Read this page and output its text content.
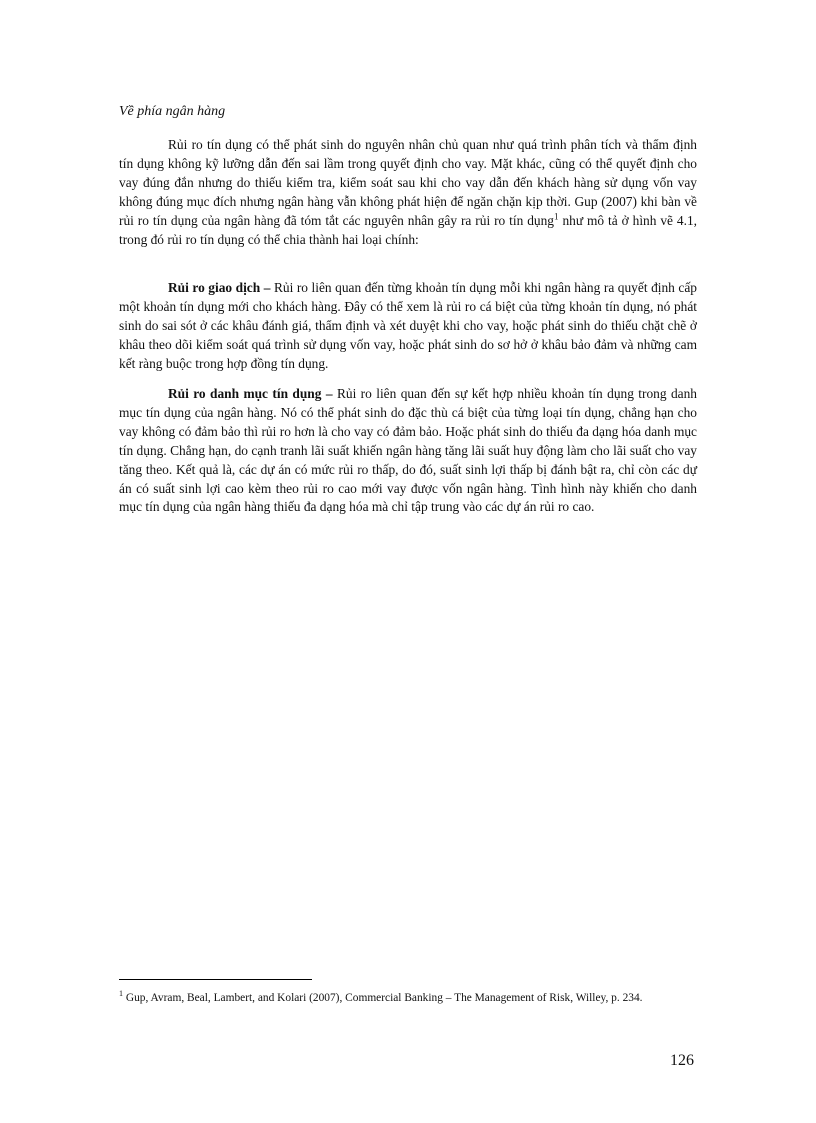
Về phía ngân hàng

Rủi ro tín dụng có thể phát sinh do nguyên nhân chủ quan như quá trình phân tích và thẩm định tín dụng không kỹ lưỡng dẫn đến sai lầm trong quyết định cho vay. Mặt khác, cũng có thể quyết định cho vay đúng đắn nhưng do thiếu kiểm tra, kiểm soát sau khi cho vay dẫn đến khách hàng sử dụng vốn vay không đúng mục đích nhưng ngân hàng vẫn không phát hiện để ngăn chặn kịp thời. Gup (2007) khi bàn về rủi ro tín dụng của ngân hàng đã tóm tắt các nguyên nhân gây ra rủi ro tín dụng$^1$ như mô tả ở hình vẽ 4.1, trong đó rủi ro tín dụng có thể chia thành hai loại chính:

Rủi ro giao dịch – Rủi ro liên quan đến từng khoản tín dụng mỗi khi ngân hàng ra quyết định cấp một khoản tín dụng mới cho khách hàng. Đây có thể xem là rủi ro cá biệt của từng khoản tín dụng, nó phát sinh do sai sót ở các khâu đánh giá, thẩm định và xét duyệt khi cho vay, hoặc phát sinh do thiếu chặt chẽ ở khâu theo dõi kiểm soát quá trình sử dụng vốn vay, hoặc phát sinh do sơ hở ở khâu bảo đảm và những cam kết ràng buộc trong hợp đồng tín dụng.

Rủi ro danh mục tín dụng – Rủi ro liên quan đến sự kết hợp nhiều khoản tín dụng trong danh mục tín dụng của ngân hàng. Nó có thể phát sinh do đặc thù cá biệt của từng loại tín dụng, chẳng hạn cho vay không có đảm bảo thì rủi ro hơn là cho vay có đảm bảo. Hoặc phát sinh do thiếu đa dạng hóa danh mục tín dụng. Chẳng hạn, do cạnh tranh lãi suất khiến ngân hàng tăng lãi suất huy động làm cho lãi suất cho vay tăng theo. Kết quả là, các dự án có mức rủi ro thấp, do đó, suất sinh lợi thấp bị đánh bật ra, chỉ còn các dự án có suất sinh lợi cao kèm theo rủi ro cao mới vay được vốn ngân hàng. Tình hình này khiến cho danh mục tín dụng của ngân hàng thiếu đa dạng hóa mà chỉ tập trung vào các dự án rủi ro cao.

$^1$ Gup, Avram, Beal, Lambert, and Kolari (2007), Commercial Banking – The Management of Risk, Willey, p. 234.

126
